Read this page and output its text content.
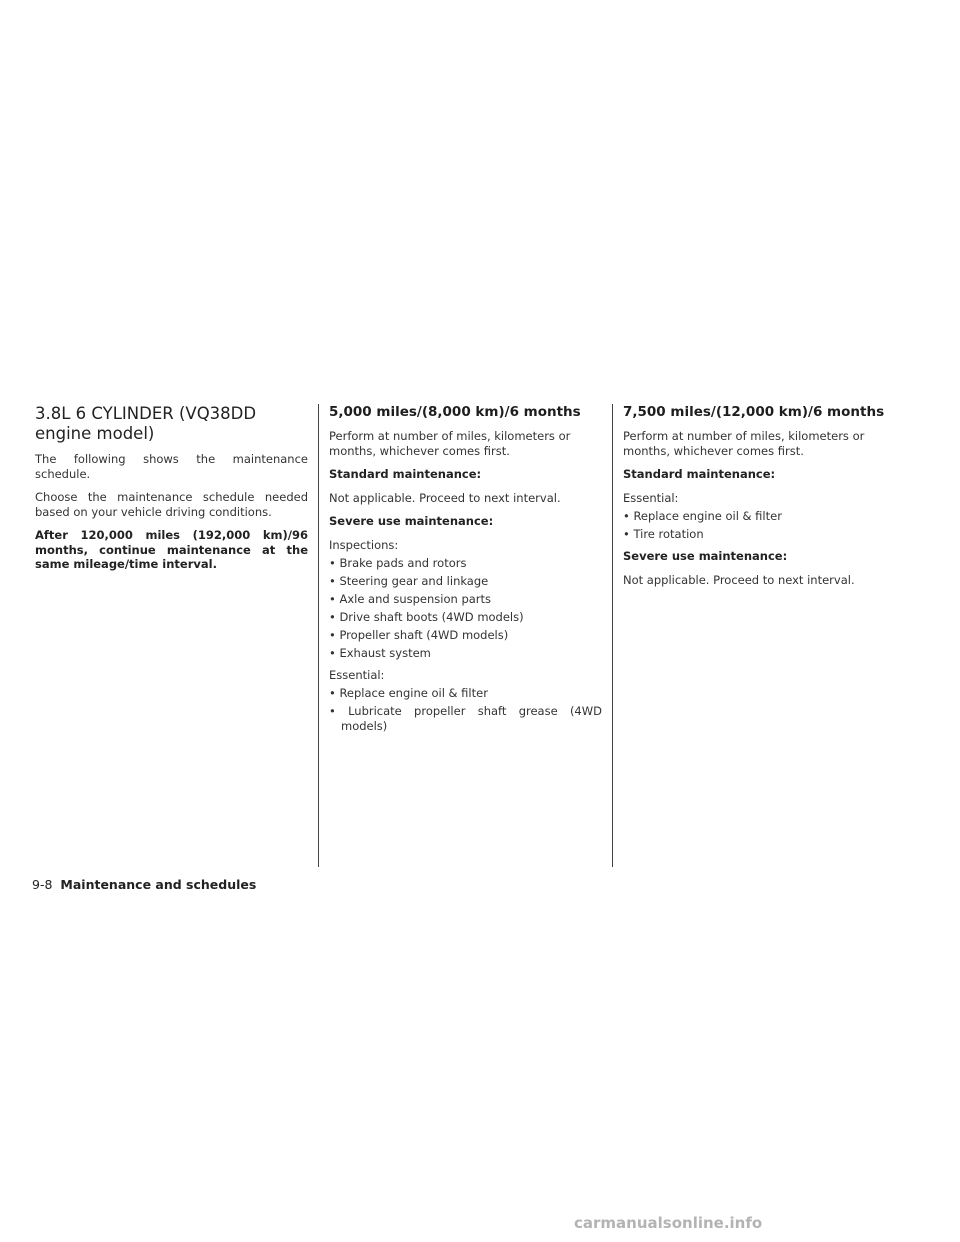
3.8L 6 CYLINDER (VQ38DD engine model)

The following shows the maintenance schedule.

Choose the maintenance schedule needed based on your vehicle driving conditions.

After 120,000 miles (192,000 km)/96 months, continue maintenance at the same mileage/time interval.

5,000 miles/(8,000 km)/6 months

Perform at number of miles, kilometers or months, whichever comes first.

Standard maintenance:

Not applicable. Proceed to next interval.

Severe use maintenance:

Inspections:

• Brake pads and rotors
• Steering gear and linkage
• Axle and suspension parts
• Drive shaft boots (4WD models)
• Propeller shaft (4WD models)
• Exhaust system

Essential:

• Replace engine oil & filter
• Lubricate propeller shaft grease (4WD models)
7,500 miles/(12,000 km)/6 months

Perform at number of miles, kilometers or months, whichever comes first.

Standard maintenance:

Essential:

• Replace engine oil & filter
• Tire rotation

Severe use maintenance:

Not applicable. Proceed to next interval.

9-8 Maintenance and schedules
carmanualsonline.info
